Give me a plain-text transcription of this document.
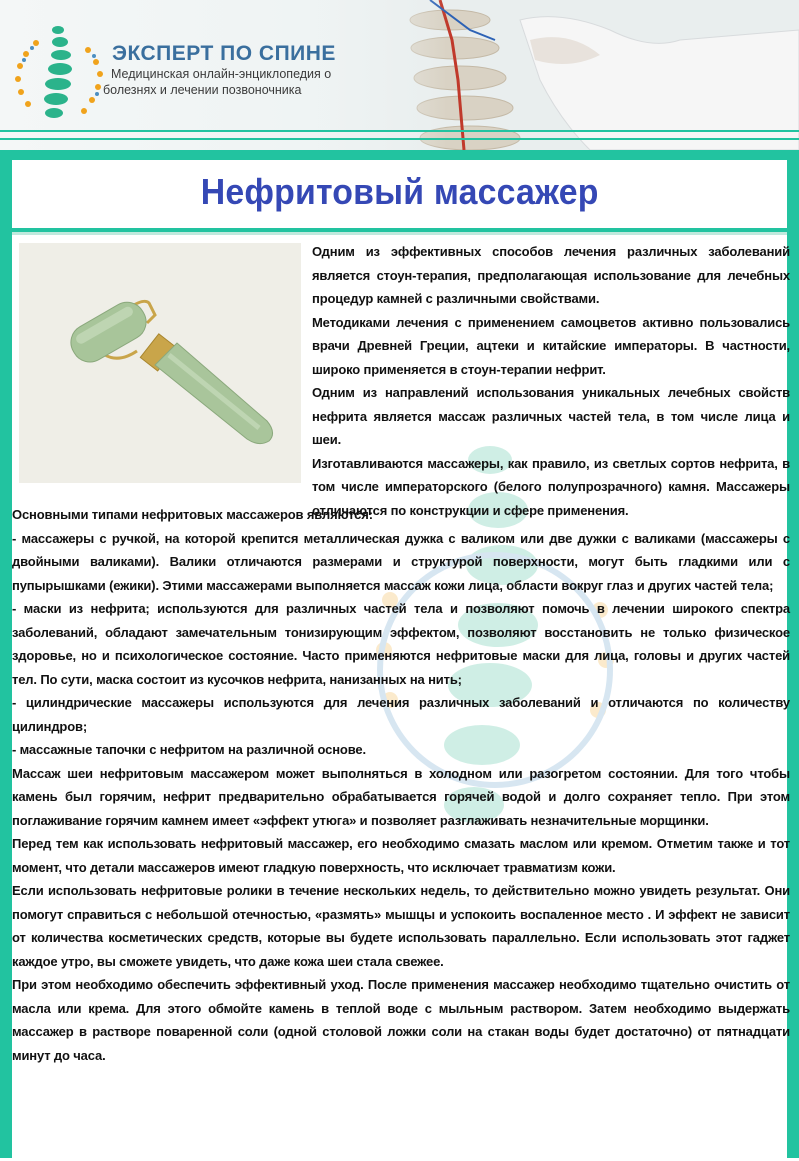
ЭКСПЕРТ ПО СПИНЕ
Медицинская онлайн-энциклопедия о болезнях и лечении позвоночника
Нефритовый массажер

Одним из эффективных способов лечения различных заболеваний является стоун-терапия, предполагающая использование для лечебных процедур камней с различными свойствами.

Методиками лечения с применением самоцветов активно пользовались врачи Древней Греции, ацтеки и китайские императоры. В частности, широко применяется в стоун-терапии нефрит.

Одним из направлений использования уникальных лечебных свойств нефрита является массаж различных частей тела, в том числе лица и шеи.

Изготавливаются массажеры, как правило, из светлых сортов нефрита, в том числе императорского (белого полупрозрачного) камня. Массажеры отличаются по конструкции и сфере применения.

Основными типами нефритовых массажеров являются:

- массажеры с ручкой, на которой крепится металлическая дужка с валиком или две дужки с валиками (массажеры с двойными валиками). Валики отличаются размерами и структурой поверхности, могут быть гладкими или с пупырышками (ежики). Этими массажерами выполняется массаж кожи лица, области вокруг глаз и других частей тела;

- маски из нефрита; используются для различных частей тела и позволяют помочь в лечении широкого спектра заболеваний, обладают замечательным тонизирующим эффектом, позволяют восстановить не только физическое здоровье, но и психологическое состояние. Часто применяются нефритовые маски для лица, головы и других частей тел. По сути, маска состоит из кусочков нефрита, нанизанных на нить;

- цилиндрические массажеры используются для лечения различных заболеваний и отличаются по количеству цилиндров;

- массажные тапочки с нефритом на различной основе.

Массаж шеи нефритовым массажером может выполняться в холодном или разогретом состоянии. Для того чтобы камень был горячим, нефрит предварительно обрабатывается горячей водой и долго сохраняет тепло. При этом поглаживание горячим камнем имеет «эффект утюга» и позволяет разглаживать незначительные морщинки.

Перед тем как использовать нефритовый массажер, его необходимо смазать маслом или кремом. Отметим также и тот момент, что детали массажеров имеют гладкую поверхность, что исключает травматизм кожи.

Если использовать нефритовые ролики в течение нескольких недель, то действительно можно увидеть результат. Они помогут справиться с небольшой отечностью, «размять» мышцы и успокоить воспаленное место . И эффект не зависит от количества косметических средств, которые вы будете использовать параллельно. Если использовать этот гаджет каждое утро, вы сможете увидеть, что даже кожа шеи стала свежее.

При этом необходимо обеспечить эффективный уход. После применения массажер необходимо тщательно очистить от масла или крема. Для этого обмойте камень в теплой воде с мыльным раствором. Затем необходимо выдержать массажер в растворе поваренной соли (одной столовой ложки соли на стакан воды будет достаточно) от пятнадцати минут до часа.
